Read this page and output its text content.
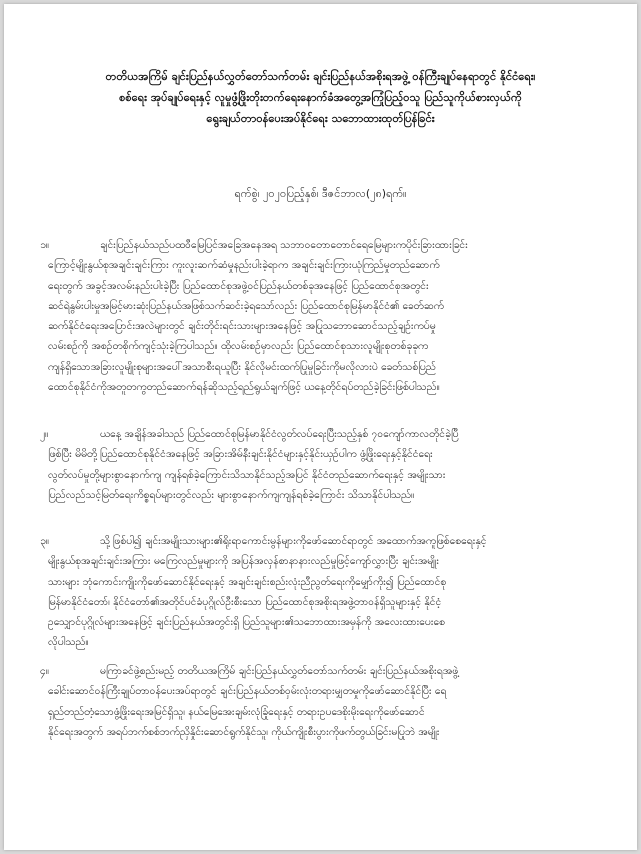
တတိယအကြိမ် ချင်းပြည်နယ်လွှတ်တော်သက်တမ်း ချင်းပြည်နယ်အစိုးရအဖွဲ့ ဝန်ကြီးချုပ်နေရာတွင် နိုင်ငံရေး၊
စစ်ရေး အုပ်ချုပ်ရေးနှင့် လူမှုဖွံ့ဖြိုးတိုးတက်ရေးနောက်ခံအတွေ့အကြုံပြည့်ဝသူ ပြည်သူကိုယ်စားလှယ်ကို
ရွေးချယ်တာဝန်ပေးအပ်နိုင်ရေး သဘောထားထုတ်ပြန်ခြင်း
ရက်စွဲ၊ ၂၀၂၀ပြည့်နှစ်၊ ဒီဇင်ဘာလ(၂၈)ရက်။
၁။	ချင်းပြည်နယ်သည်ပထဝီမြေပြင်အခြေအနေအရ သဘာဝတောတောင်ရေမြေများကပိုင်းခြားထားခြင်း
ကြောင့်မျိုးနွယ်စုအချင်းချင်းကြား ကူးလူးဆက်ဆံမှုနည်းပါးခဲ့ရာက အချင်းချင်းကြားယုံကြည်မှုတည်ဆောက်
ရေးတွက် အခွင့်အလမ်းနည်းပါးခဲ့ပြီး ပြည်ထောင်စုအဖွဲ့ဝင်ပြည်နယ်တစ်ခုအနေဖြင့် ပြည်ထောင်စုအတွင်း
ဆင်ရဲနွမ်းပါးမှုအမြင့်မားဆုံးပြည်နယ်အဖြစ်သက်ဆင်းခဲ့ရသော်လည်း ပြည်ထောင်စုမြန်မာနိုင်ငံ၏ ခေတ်ဆက်
ဆက်နိုင်ငံရေးအပြောင်းအလဲများတွင် ချင်းတိုင်းရင်းသားများအနေဖြင့် အပြုသဘောဆောင်သည့်ချဉ်းကပ်မှု
လမ်းစဉ်ကို အစဉ်တစိုက်ကျင့်သုံးခဲ့ကြပါသည်။ ထိုလမ်းစဉ်မှာလည်း ပြည်ထောင်စုသားလူမျိုးစုတစ်ခုခုက
ကျန်ရှိသောအခြားလူမျိုးစုများအပေါ်အသာစီးရယူပြီး နိုင်လိုမင်းထက်ပြုမှုခြင်းကိုမလိုလားပဲ ခေတ်သစ်ပြည်
ထောင်စုနိုင်ငံကိုအတူတကွတည်ဆောက်ရန်ဆိုသည့်ရည်ရွယ်ချက်ဖြင့် ယနေ့တိုင်ရပ်တည်ခဲ့ခြင်းဖြစ်ပါသည်။
၂။	ယနေ့ အချိန်အခါသည် ပြည်ထောင်စုမြန်မာနိုင်ငံလွတ်လပ်ရေးပြီးသည့်နှစ် ၇၀ကျော်ကာလတိုင်ခဲ့ပြီ
ဖြစ်ပြီး မိမိတို့ပြည်ထောင်စုနိုင်ငံအနေဖြင့် အခြားအိမ်နီးချင်းနိုင်ငံများနှင့်နိုင်းယှဉ်ပါက ဖွံ့ဖြိုးရေးနှင့်နိုင်ငံရေး
လွတ်လပ်မှုတို့များစွာနောက်ကျ ကျန်ရစ်ခဲ့ကြောင်းသိသာနိုင်သည့်အပြင် နိုင်ငံတည်ဆောက်ရေးနှင့် အမျိုးသား
ပြည်လည်သင့်မြတ်ရေးကိစ္စရပ်များတွင်လည်း များစွာနောက်ကျကျန်ရစ်ခဲ့ကြောင်း သိသာနိုင်ပါသည်။
၃။	သို့ဖြစ်ပါ၍ ချင်းအမျိုးသားများ၏ရိုးရာကောင်းမွန်များကိုဖော်ဆောင်ရာတွင် အထောက်အကူဖြစ်စေရေးနှင့်
မျိုးနွယ်စုအချင်းချင်းအကြား မကြေလည်မှုများကို အပြန်အလှန်စာနာနားလည်မှုဖြင့်ကျော်လွှားပြီး ချင်းအမျိုး
သားများ ဘုံကောင်းကျိုးကိုဖော်ဆောင်နိုင်ရေးနှင့် အချင်းချင်းစည်းလုံးညီညွတ်ရေးကိုမျှော်ကိုး၍ ပြည်ထောင်စု
မြန်မာနိုင်ငံတော်၊ နိုင်ငံတော်၏အတိုင်ပင်ခံပုဂ္ဂိုလ်ဦးစီးသော ပြည်ထောင်စုအစိုးရအဖွဲ့တာဝန်ရှိသူများနှင့် နိုင်ငံ့
ဥသျှောင်ပုဂ္ဂိုလ်များအနေဖြင့် ချင်းပြည်နယ်အတွင်းရှိ ပြည်သူများ၏သဘောထားအမှန်ကို အလေးထားပေးစေ
လိုပါသည်။
၄။	မကြာခင်ဖွဲ့စည်းမည့် တတိယအကြိမ် ချင်းပြည်နယ်လွှတ်တော်သက်တမ်း ချင်းပြည်နယ်အစိုးရအဖွဲ့
ခေါင်းဆောင်ဝန်ကြီးချုပ်တာဝန်ပေးအပ်ရာတွင် ချင်းပြည်နယ်တစ်ဝှမ်းလုံးတရားမျှတမှုကိုဖော်ဆောင်နိုင်ပြီး ရေ
ရှည်တည်တံ့သောဖွံ့ဖြိုးရေးအမြင်ရှိသူ၊ နယ်မြေအေးချမ်းလုံခြုံရေးနှင့် တရားဥပဒေစိုးမိုးရေးကိုဖော်ဆောင်
နိုင်ရေးအတွက် အရပ်ဘက်စစ်ဘက်ညှိနှိုင်းဆောင်ရွက်နိုင်သူ၊ ကိုယ်ကျိုးစီးပွားကိုဖက်တွယ်ခြင်းမပြုဘဲ အမျိုး
